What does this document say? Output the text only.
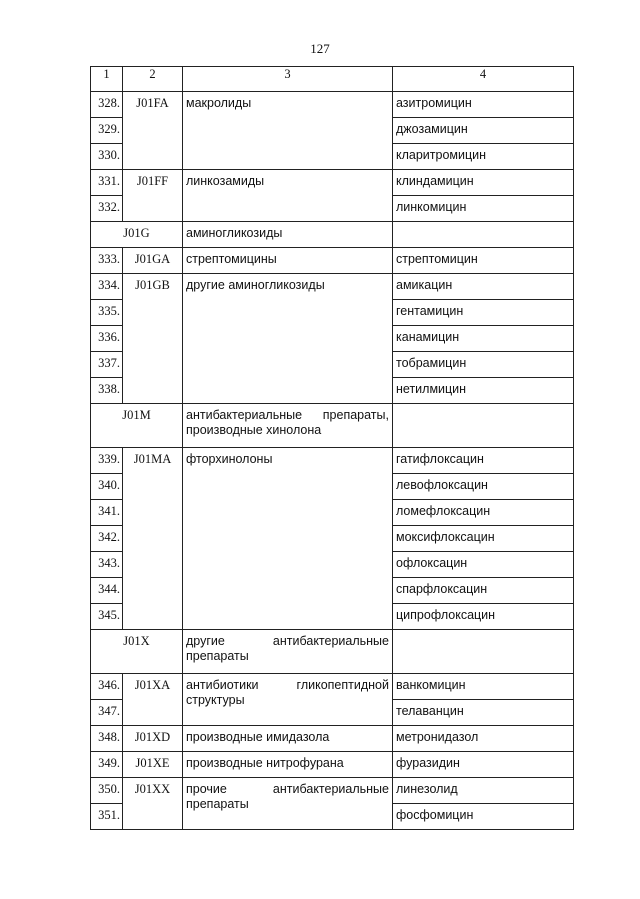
127
1	2	3	4
328.	J01FA	макролиды	азитромицин
329.			джозамицин
330.			кларитромицин
331.	J01FF	линкозамиды	клиндамицин
332.			линкомицин
J01G		аминогликозиды	
333.	J01GA	стрептомицины	стрептомицин
334.	J01GB	другие аминогликозиды	амикацин
335.			гентамицин
336.			канамицин
337.			тобрамицин
338.			нетилмицин
J01M		антибактериальные препараты, производные хинолона	
339.	J01MA	фторхинолоны	гатифлоксацин
340.			левофлоксацин
341.			ломефлоксацин
342.			моксифлоксацин
343.			офлоксацин
344.			спарфлоксацин
345.			ципрофлоксацин
J01X		другие антибактериальные препараты	
346.	J01XA	антибиотики гликопептидной структуры	ванкомицин
347.			телаванцин
348.	J01XD	производные имидазола	метронидазол
349.	J01XE	производные нитрофурана	фуразидин
350.	J01XX	прочие антибактериальные препараты	линезолид
351.			фосфомицин
